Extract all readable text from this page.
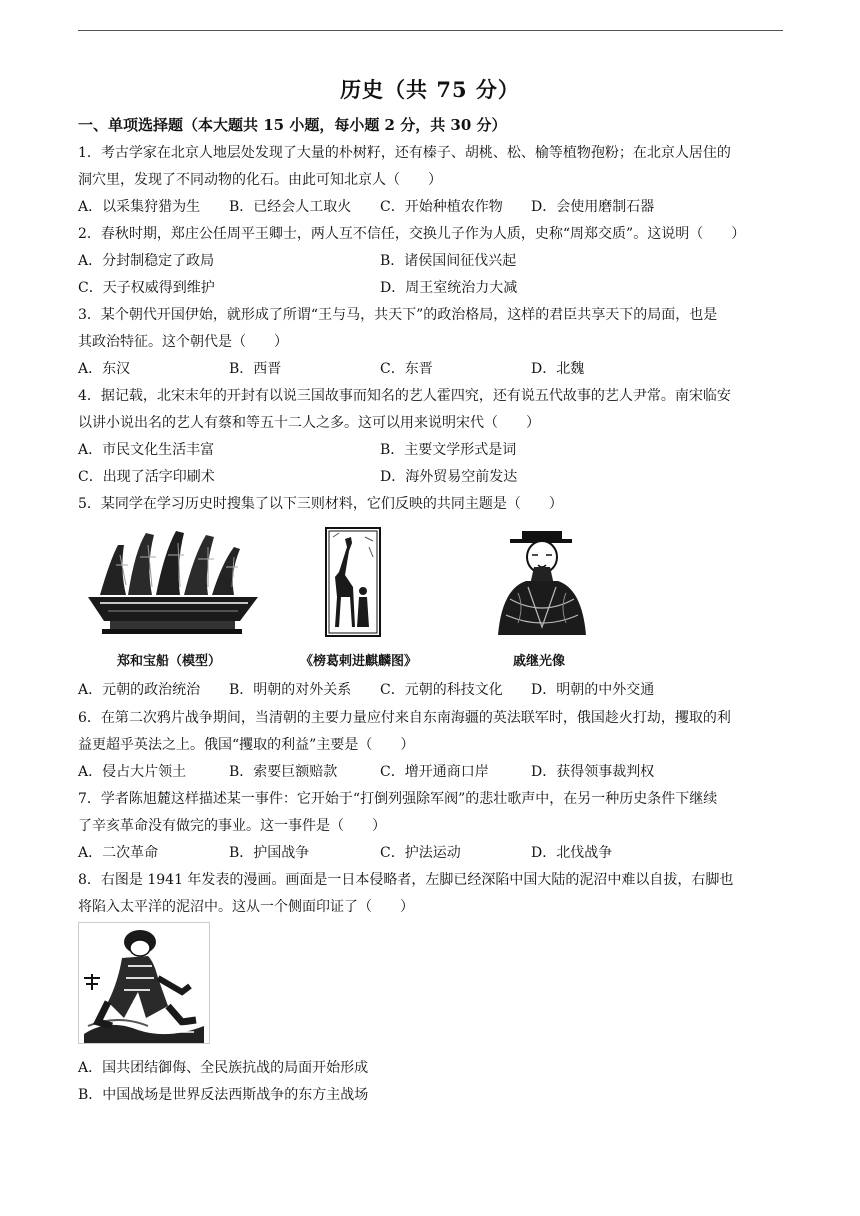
历史（共 75 分）
一、单项选择题（本大题共 15 小题，每小题 2 分，共 30 分）
1．考古学家在北京人地层处发现了大量的朴树籽，还有榛子、胡桃、松、榆等植物孢粉；在北京人居住的
洞穴里，发现了不同动物的化石。由此可知北京人（　　）
A．以采集狩猎为生 B．已经会人工取火 C．开始种植农作物 D．会使用磨制石器
2．春秋时期，郑庄公任周平王卿士，两人互不信任，交换儿子作为人质，史称“周郑交质”。这说明（　　）
A．分封制稳定了政局	B．诸侯国间征伐兴起
C．天子权威得到维护	D．周王室统治力大减
3．某个朝代开国伊始，就形成了所谓“王与马，共天下”的政治格局，这样的君臣共享天下的局面，也是
其政治特征。这个朝代是（　　）
A．东汉	B．西晋	C．东晋	D．北魏
4．据记载，北宋末年的开封有以说三国故事而知名的艺人霍四究，还有说五代故事的艺人尹常。南宋临安
以讲小说出名的艺人有蔡和等五十二人之多。这可以用来说明宋代（　　）
A．市民文化生活丰富	B．主要文学形式是词
C．出现了活字印刷术	D．海外贸易空前发达
5．某同学在学习历史时搜集了以下三则材料，它们反映的共同主题是（　　）
郑和宝船（模型）	《榜葛剌进麒麟图》	戚继光像
A．元朝的政治统治 B．明朝的对外关系 C．元朝的科技文化 D．明朝的中外交通
6．在第二次鸦片战争期间，当清朝的主要力量应付来自东南海疆的英法联军时，俄国趁火打劫，攫取的利
益更超乎英法之上。俄国“攫取的利益”主要是（　　）
A．侵占大片领土	B．索要巨额赔款	C．增开通商口岸	D．获得领事裁判权
7．学者陈旭麓这样描述某一事件：它开始于“打倒列强除军阀”的悲壮歌声中，在另一种历史条件下继续
了辛亥革命没有做完的事业。这一事件是（　　）
A．二次革命	B．护国战争	C．护法运动	D．北伐战争
8．右图是 1941 年发表的漫画。画面是一日本侵略者，左脚已经深陷中国大陆的泥沼中难以自拔，右脚也
将陷入太平洋的泥沼中。这从一个侧面印证了（　　）
A．国共团结御侮、全民族抗战的局面开始形成
B．中国战场是世界反法西斯战争的东方主战场
